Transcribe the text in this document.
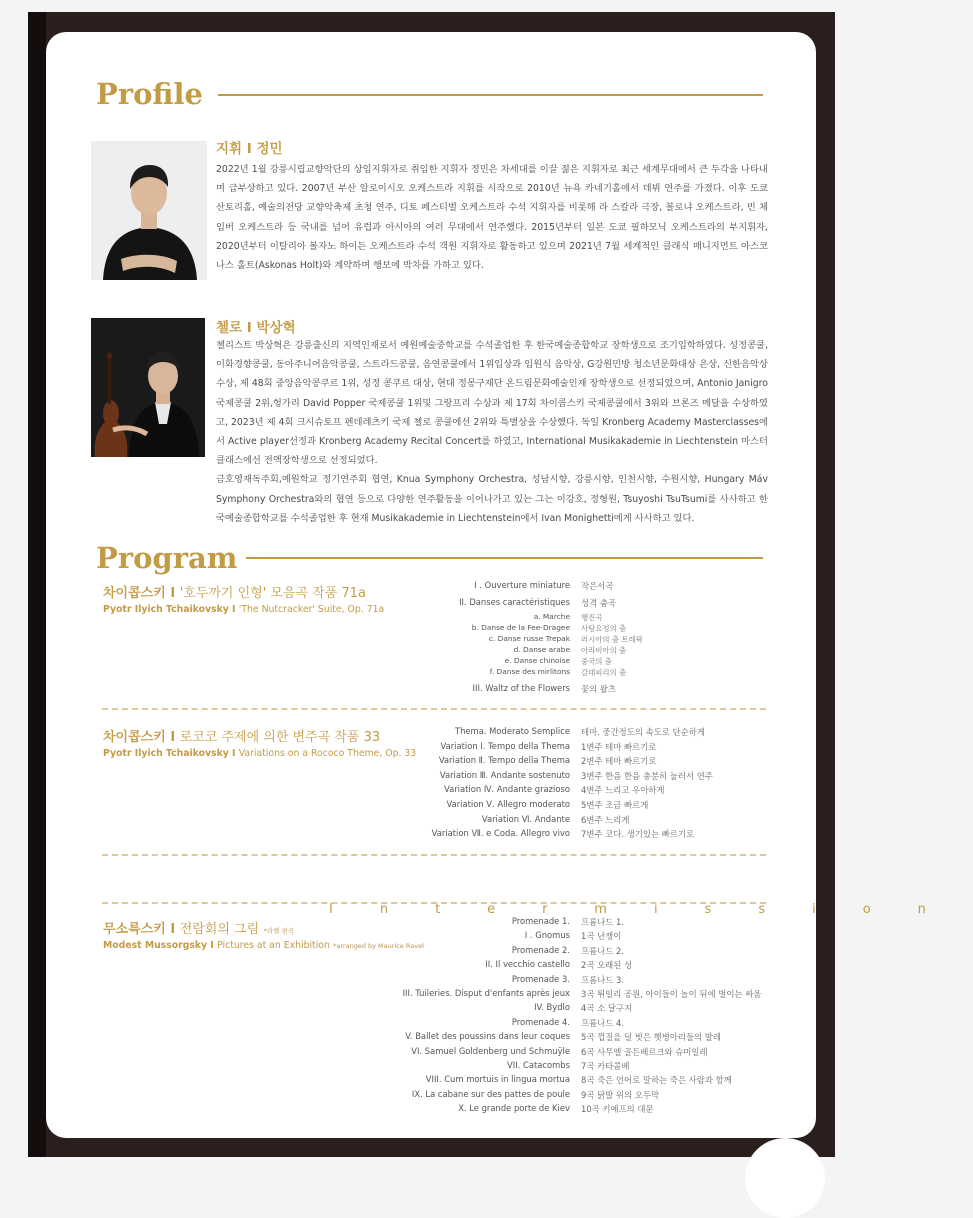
Profile
지휘 I 정민
2022년 1월 강릉시립교향악단의 상임지휘자로 취임한 지휘자 정민은 차세대를 이끌 젊은 지휘자로 최근 세계무대에서 큰 두각을 나타내며 급부상하고 있다. 2007년 부산 알로이시오 오케스트라 지휘를 시작으로 2010년 뉴욕 카네기홀에서 데뷔 연주를 가졌다. 이후 도쿄 산토리홀, 예술의전당 교향악축제 초청 연주, 디토 페스티벌 오케스트라 수석 지휘자를 비롯해 라 스칼라 극장, 볼로냐 오케스트라, 빈 체임버 오케스트라 등 국내를 넘어 유럽과 아시아의 여러 무대에서 연주했다. 2015년부터 일본 도쿄 필하모닉 오케스트라의 부지휘자, 2020년부터 이탈리아 볼자노 하이든 오케스트라 수석 객원 지휘자로 활동하고 있으며 2021년 7월 세계적인 클래식 매니지먼트 아스코나스 홀트(Askonas Holt)와 계약하며 행보에 박차를 가하고 있다.
첼로 I 박상혁

첼리스트 박상혁은 강릉출신의 지역인재로서 예원예술중학교를 수석졸업한 후 한국예술종합학교 장학생으로 조기입학하였다. 성정콩쿨, 이화경향콩쿨, 동아주니어음악콩쿨, 스트라드콩쿨, 음연콩쿨에서 1위입상과 임원식 음악상, G강원민방 청소년문화대상 은상, 신한음악상 수상, 제 48회 중앙음악콩쿠르 1위, 성정 콩쿠르 대상, 현대 정몽구재단 온드림문화예술인재 장학생으로 선정되었으며, Antonio Janigro 국제콩쿨 2위,헝가리 David Popper 국제콩쿨 1위및 그랑프리 수상과 제 17회 차이콥스키 국제콩쿨에서 3위와 브론즈 메달을 수상하였고, 2023년 제 4회 크시슈토프 펜데레츠키 국제 첼로 콩쿨에선 2위와 특별상을 수상했다. 독일 Kronberg Academy Masterclasses에서 Active player선정과 Kronberg Academy Recital Concert를 하였고, International Musikakademie in Liechtenstein 마스터클래스에선 전액장학생으로 선정되었다.

금호영재독주회,예원학교 정기연주회 협연, Knua Symphony Orchestra, 성남시향, 강릉시향, 인천시향, 수원시향, Hungary Máv Symphony Orchestra와의 협연 등으로 다양한 연주활동을 이어나가고 있는 그는 이강호, 정형원, Tsuyoshi TsuTsumi를 사사하고 한국예술종합학교를 수석졸업한 후 현재 Musikakademie in Liechtenstein에서 Ivan Monighetti에게 사사하고 있다.

Program
차이콥스키 I '호두까기 인형' 모음곡 작품 71a
Pyotr Ilyich Tchaikovsky I 'The Nutcracker' Suite, Op. 71a
I . Ouverture miniature 작은서곡
II. Danses caractéristiques 성격 춤곡
a. Marche 행진곡
b. Danse de la Fee-Dragee 사탕요정의 춤
c. Danse russe Trepak 러시아의 춤 트레팍
d. Danse arabe 아라비아의 춤
e. Danse chinoise 중국의 춤
f. Danse des mirlitons 갈대피리의 춤
III. Waltz of the Flowers 꽃의 왈츠
차이콥스키 I 로코코 주제에 의한 변주곡 작품 33
Pyotr Ilyich Tchaikovsky I Variations on a Rococo Theme, Op. 33
Thema. Moderato Semplice 테마. 중간정도의 속도로 단순하게
Variation Ⅰ. Tempo della Thema 1변주 테마 빠르기로
Variation Ⅱ. Tempo della Thema 2변주 테마 빠르기로
Variation Ⅲ. Andante sostenuto 3변주 한음 한음 충분히 눌러서 연주
Variation Ⅳ. Andante grazioso 4변주 느리고 우아하게
Variation Ⅴ. Allegro moderato 5변주 조금 빠르게
Variation Ⅵ. Andante 6변주 느리게
Variation Ⅶ. e Coda. Allegro vivo 7변주 코다. 생기있는 빠르기로
Intermission
무소륵스키 I 전람회의 그림 *라벨 편곡
Modest Mussorgsky I Pictures at an Exhibition *arranged by Maurice Ravel
Promenade 1. 프롬나드 1.
I . Gnomus 1곡 난쟁이
Promenade 2. 프롬나드 2.
II. Il vecchio castello 2곡 오래된 성
Promenade 3. 프롬나드 3.
III. Tuileries. Disput d'enfants après jeux 3곡 튀일리 공원, 아이들이 놀이 뒤에 벌이는 싸움
IV. Bydlo 4곡 소 달구지
Promenade 4. 프롬나드 4.
V. Ballet des poussins dans leur coques 5곡 껍질을 덜 벗은 햇병아리들의 발레
VI. Samuel Goldenberg und Schmuÿle 6곡 사무엘 골든베르크와 슈미일레
VII. Catacombs 7곡 카타콤베
VIII. Cum mortuis in lingua mortua 8곡 죽은 언어로 말하는 죽은 사람과 함께
IX. La cabane sur des pattes de poule 9곡 닭발 위의 오두막
X. Le grande porte de Kiev 10곡 키예프의 대문
